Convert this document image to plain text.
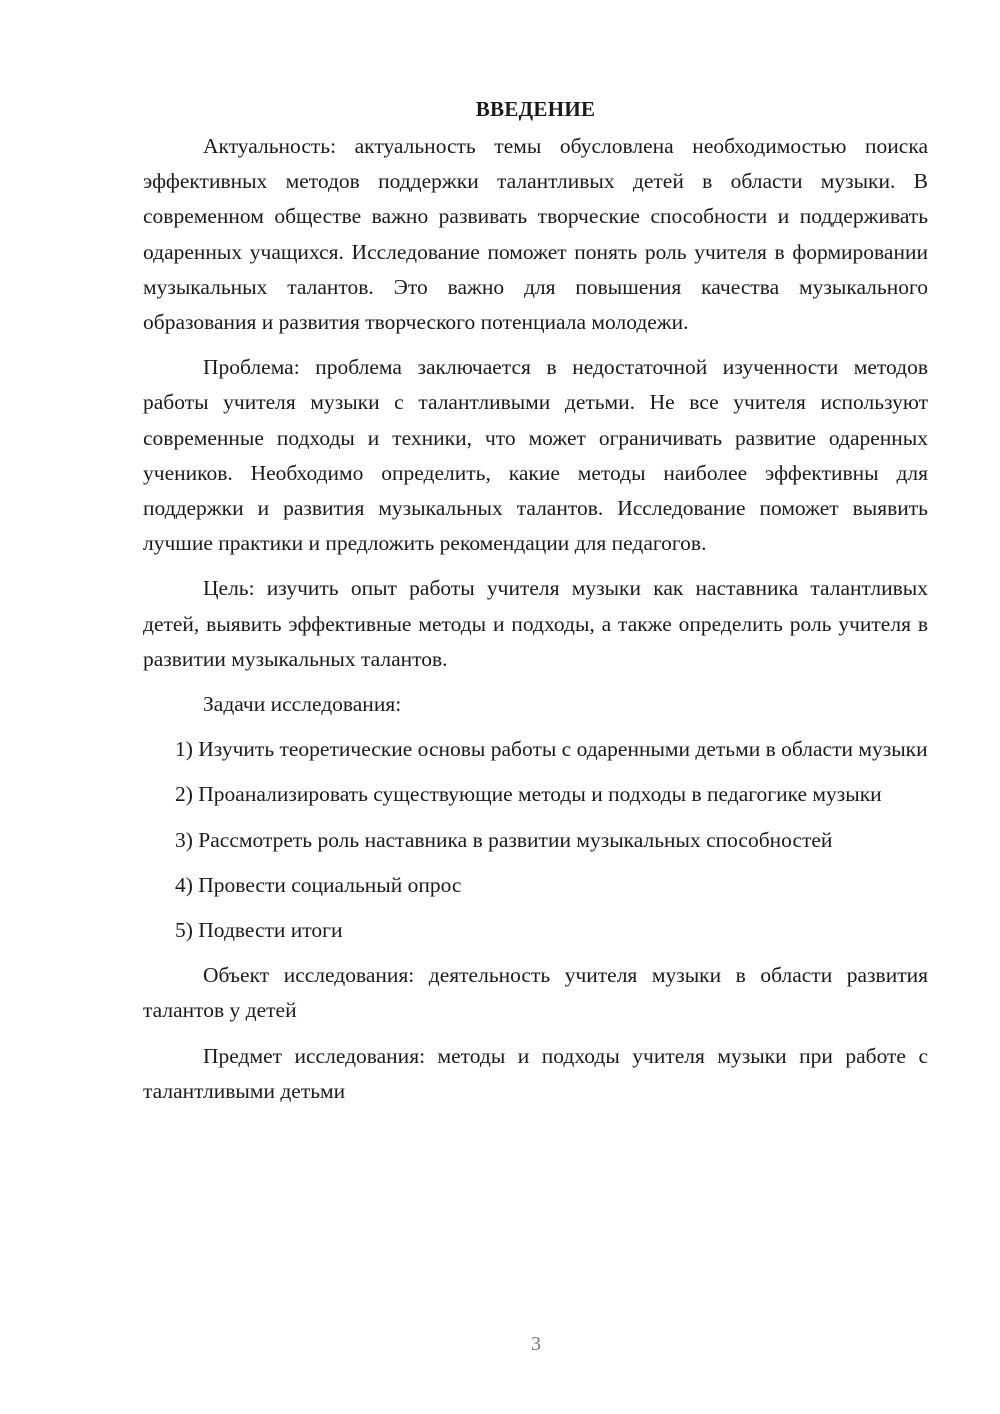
ВВЕДЕНИЕ

Актуальность: актуальность темы обусловлена необходимостью поиска эффективных методов поддержки талантливых детей в области музыки. В современном обществе важно развивать творческие способности и поддерживать одаренных учащихся. Исследование поможет понять роль учителя в формировании музыкальных талантов. Это важно для повышения качества музыкального образования и развития творческого потенциала молодежи.

Проблема: проблема заключается в недостаточной изученности методов работы учителя музыки с талантливыми детьми. Не все учителя используют современные подходы и техники, что может ограничивать развитие одаренных учеников. Необходимо определить, какие методы наиболее эффективны для поддержки и развития музыкальных талантов. Исследование поможет выявить лучшие практики и предложить рекомендации для педагогов.

Цель: изучить опыт работы учителя музыки как наставника талантливых детей, выявить эффективные методы и подходы, а также определить роль учителя в развитии музыкальных талантов.

Задачи исследования:

1) Изучить теоретические основы работы с одаренными детьми в области музыки

2) Проанализировать существующие методы и подходы в педагогике музыки

3) Рассмотреть роль наставника в развитии музыкальных способностей

4) Провести социальный опрос

5) Подвести итоги

Объект исследования: деятельность учителя музыки в области развития талантов у детей

Предмет исследования: методы и подходы учителя музыки при работе с талантливыми детьми

3
